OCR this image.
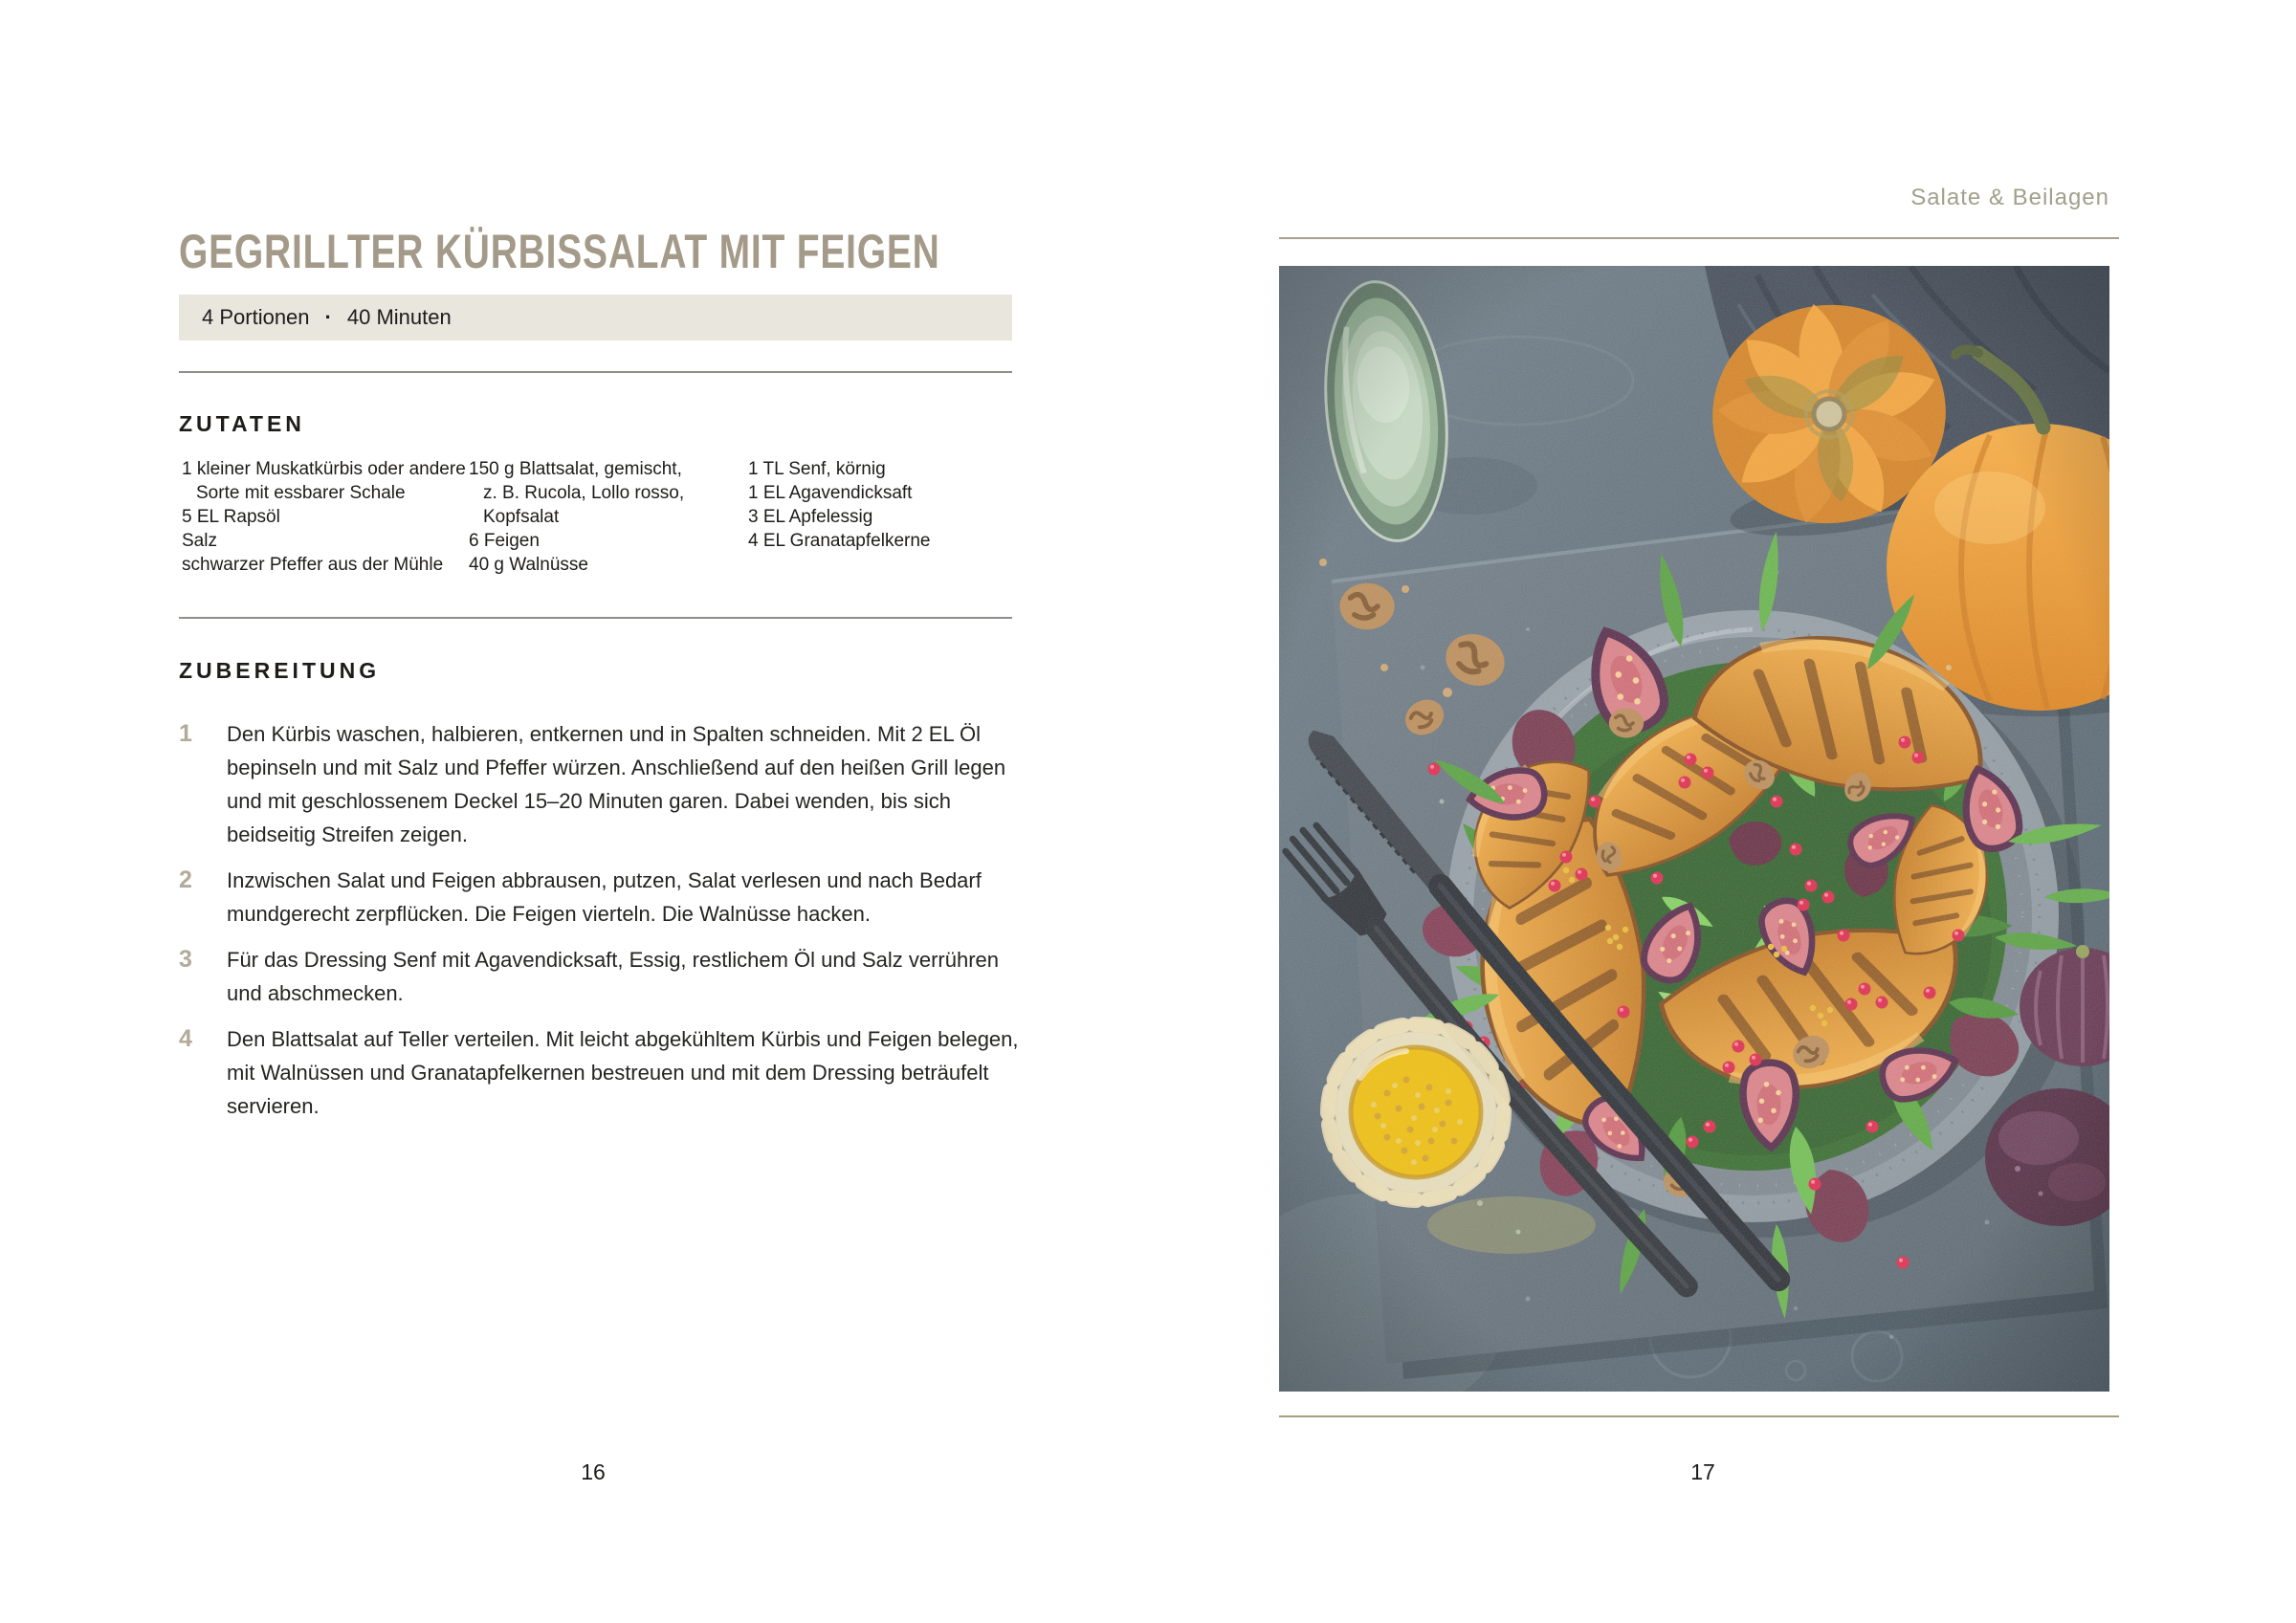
GEGRILLTER KÜRBISSALAT MIT FEIGEN
4 Portionen · 40 Minuten
ZUTATEN
1 kleiner Muskatkürbis oder andere
Sorte mit essbarer Schale
5 EL Rapsöl
Salz
schwarzer Pfeffer aus der Mühle
150 g Blattsalat, gemischt,
z. B. Rucola, Lollo rosso,
Kopfsalat
6 Feigen
40 g Walnüsse
1 TL Senf, körnig
1 EL Agavendicksaft
3 EL Apfelessig
4 EL Granatapfelkerne
ZUBEREITUNG
1	Den Kürbis waschen, halbieren, entkernen und in Spalten schneiden. Mit 2 EL Öl bepinseln und mit Salz und Pfeffer würzen. Anschließend auf den heißen Grill legen und mit geschlossenem Deckel 15–20 Minuten garen. Dabei wenden, bis sich beidseitig Streifen zeigen.
2	Inzwischen Salat und Feigen abbrausen, putzen, Salat verlesen und nach Bedarf mundgerecht zerpflücken. Die Feigen vierteln. Die Walnüsse hacken.
3	Für das Dressing Senf mit Agavendicksaft, Essig, restlichem Öl und Salz verrühren und abschmecken.
4	Den Blattsalat auf Teller verteilen. Mit leicht abgekühltem Kürbis und Feigen belegen, mit Walnüssen und Granatapfelkernen bestreuen und mit dem Dressing beträufelt servieren.
16
Salate & Beilagen
17
